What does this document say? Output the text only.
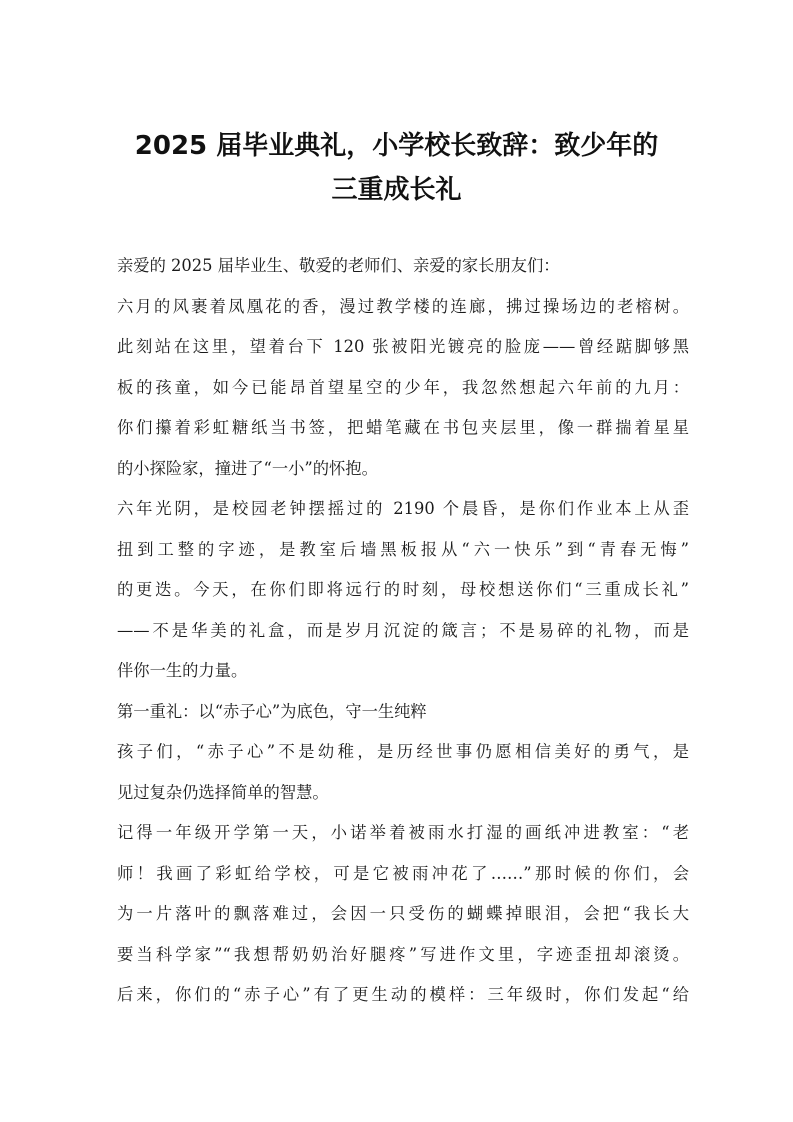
2025 届毕业典礼，小学校长致辞：致少年的
三重成长礼
亲爱的 2025 届毕业生、敬爱的老师们、亲爱的家长朋友们：
六月的风裹着凤凰花的香，漫过教学楼的连廊，拂过操场边的老榕树。
此刻站在这里，望着台下 120 张被阳光镀亮的脸庞——曾经踮脚够黑
板的孩童，如今已能昂首望星空的少年，我忽然想起六年前的九月：
你们攥着彩虹糖纸当书签，把蜡笔藏在书包夹层里，像一群揣着星星
的小探险家，撞进了“一小”的怀抱。
六年光阴，是校园老钟摆摇过的 2190 个晨昏，是你们作业本上从歪
扭到工整的字迹，是教室后墙黑板报从“六一快乐”到“青春无悔”
的更迭。今天，在你们即将远行的时刻，母校想送你们“三重成长礼”
——不是华美的礼盒，而是岁月沉淀的箴言；不是易碎的礼物，而是
伴你一生的力量。
第一重礼：以“赤子心”为底色，守一生纯粹
孩子们，“赤子心”不是幼稚，是历经世事仍愿相信美好的勇气，是
见过复杂仍选择简单的智慧。
记得一年级开学第一天，小诺举着被雨水打湿的画纸冲进教室：“老
师！我画了彩虹给学校，可是它被雨冲花了……”那时候的你们，会
为一片落叶的飘落难过，会因一只受伤的蝴蝶掉眼泪，会把“我长大
要当科学家”“我想帮奶奶治好腿疼”写进作文里，字迹歪扭却滚烫。
后来，你们的“赤子心”有了更生动的模样：三年级时，你们发起“给
